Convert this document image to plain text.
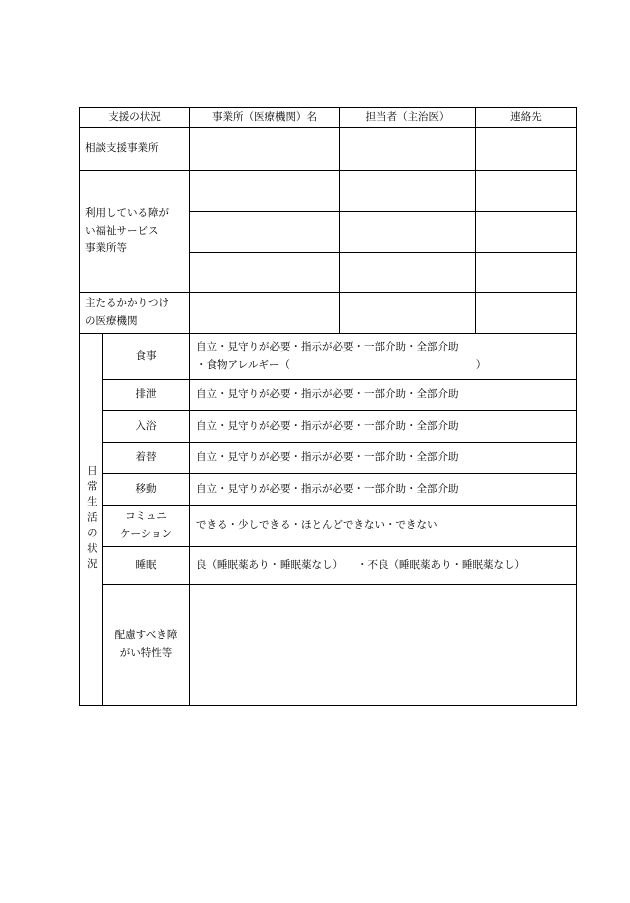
支援の状況		事業所（医療機関）名	担当者（主治医）	連絡先
相談支援事業所				

利用している障が
い福祉サービス
事業所等				

主たるかかりつけ
の医療機関				

日常生活の状況	食事	自立・見守りが必要・指示が必要・一部介助・全部介助
・食物アレルギー（ ）		

	排泄	自立・見守りが必要・指示が必要・一部介助・全部介助		
	入浴	自立・見守りが必要・指示が必要・一部介助・全部介助		
	着替	自立・見守りが必要・指示が必要・一部介助・全部介助		
	移動	自立・見守りが必要・指示が必要・一部介助・全部介助		

	コミュニ
ケーション	できる・少しできる・ほとんどできない・できない		
	睡眠	良（睡眠薬あり・睡眠薬なし） ・不良（睡眠薬あり・睡眠薬なし）		

	配慮すべき障
がい特性等			
